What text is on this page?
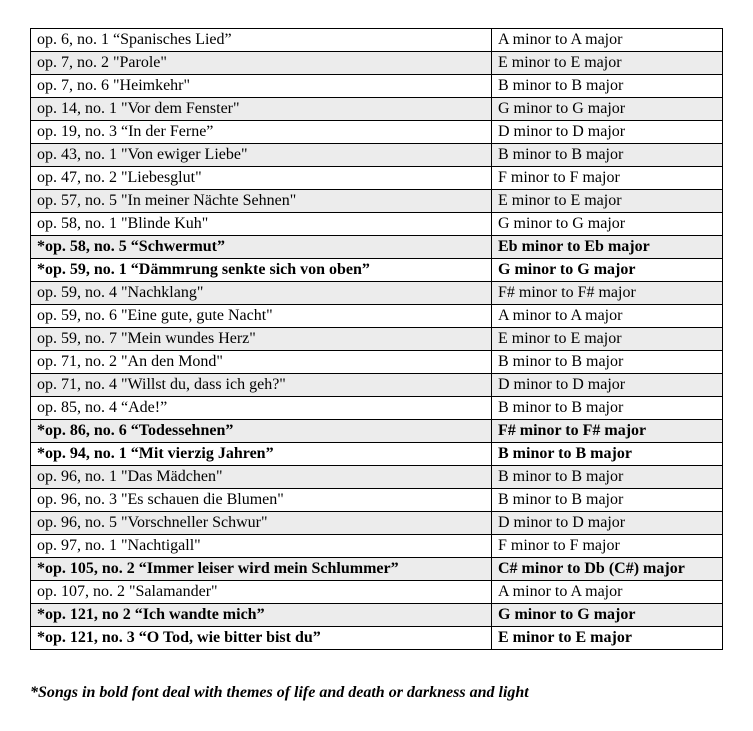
op. 6, no. 1 “Spanisches Lied”	A minor to A major
op. 7, no. 2 "Parole"	E minor to E major
op. 7, no. 6 "Heimkehr"	B minor to B major
op. 14, no. 1 "Vor dem Fenster"	G minor to G major
op. 19, no. 3 “In der Ferne”	D minor to D major
op. 43, no. 1 "Von ewiger Liebe"	B minor to B major
op. 47, no. 2 "Liebesglut"	F minor to F major
op. 57, no. 5 "In meiner Nächte Sehnen"	E minor to E major
op. 58, no. 1 "Blinde Kuh"	G minor to G major
*op. 58, no. 5 “Schwermut”	Eb minor to Eb major
*op. 59, no. 1 “Dämmrung senkte sich von oben”	G minor to G major
op. 59, no. 4 "Nachklang"	F# minor to F# major
op. 59, no. 6 "Eine gute, gute Nacht"	A minor to A major
op. 59, no. 7 "Mein wundes Herz"	E minor to E major
op. 71, no. 2 "An den Mond"	B minor to B major
op. 71, no. 4 "Willst du, dass ich geh?"	D minor to D major
op. 85, no. 4 “Ade!”	B minor to B major
*op. 86, no. 6 “Todessehnen”	F# minor to F# major
*op. 94, no. 1 “Mit vierzig Jahren”	B minor to B major
op. 96, no. 1 "Das Mädchen"	B minor to B major
op. 96, no. 3 "Es schauen die Blumen"	B minor to B major
op. 96, no. 5 "Vorschneller Schwur"	D minor to D major
op. 97, no. 1 "Nachtigall"	F minor to F major
*op. 105, no. 2 “Immer leiser wird mein Schlummer”	C# minor to Db (C#) major
op. 107, no. 2 "Salamander"	A minor to A major
*op. 121, no 2 “Ich wandte mich”	G minor to G major
*op. 121, no. 3 “O Tod, wie bitter bist du”	E minor to E major
*Songs in bold font deal with themes of life and death or darkness and light
